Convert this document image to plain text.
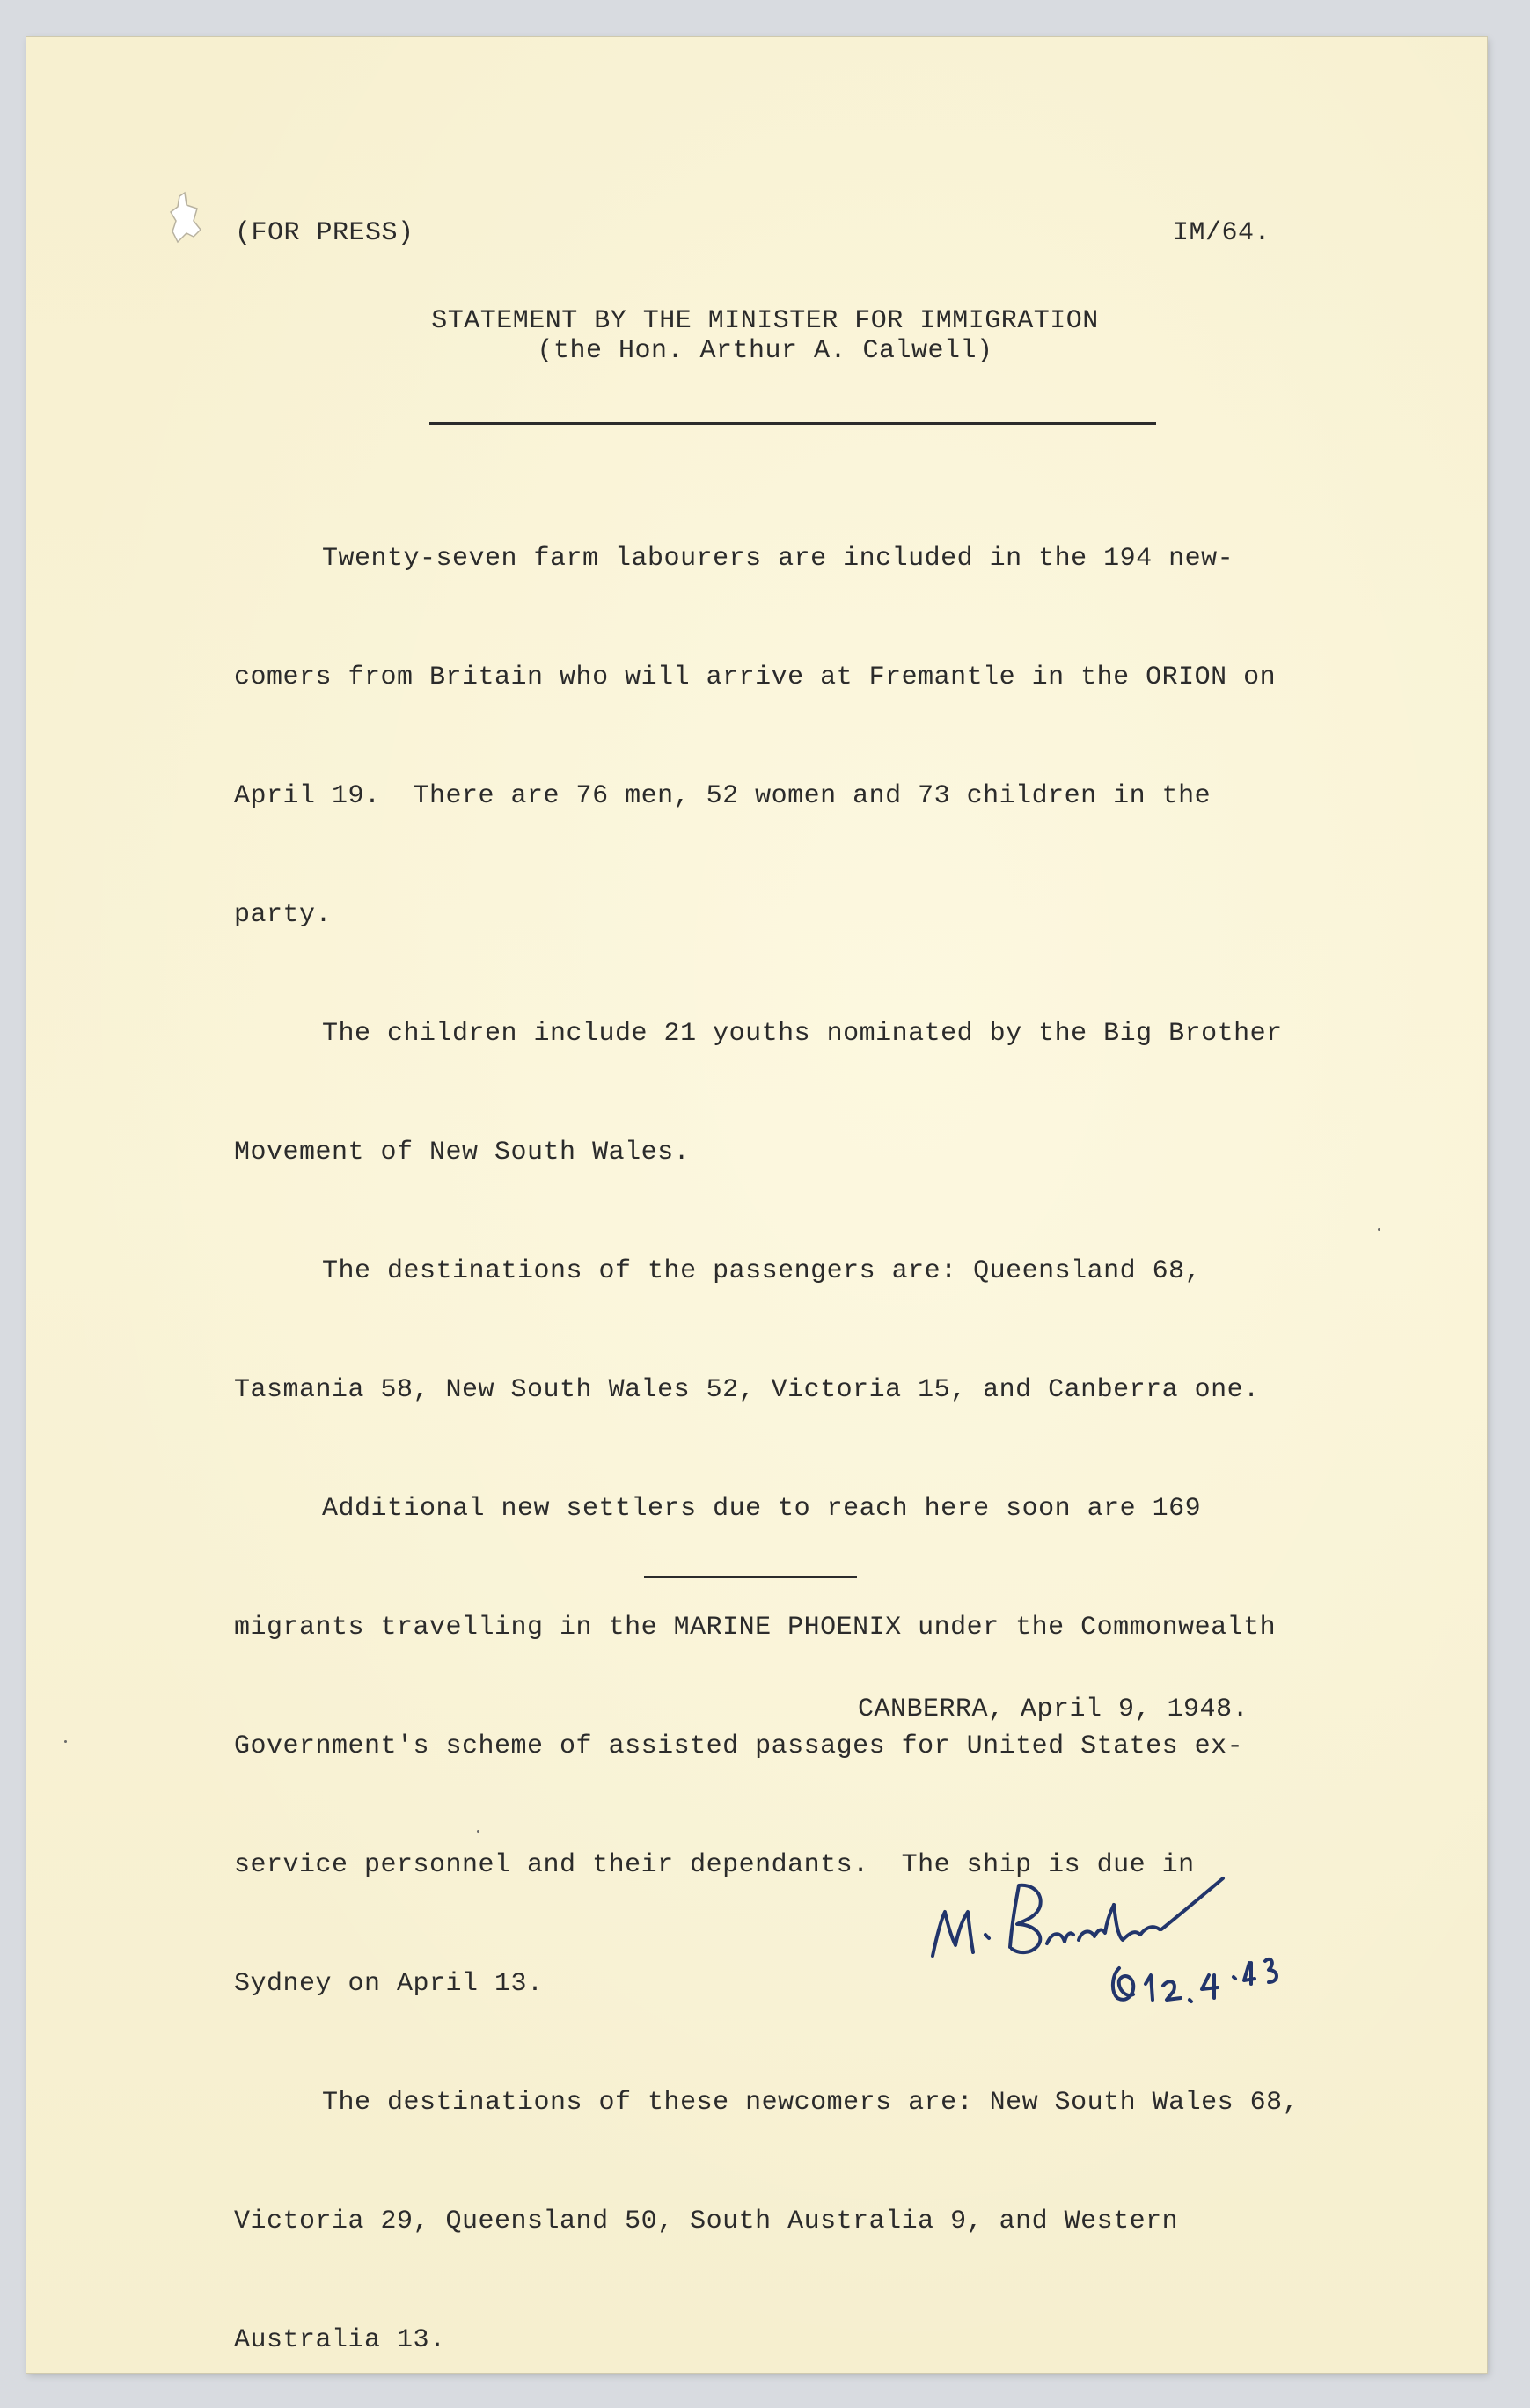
(FOR PRESS)	IM/64.
STATEMENT BY THE MINISTER FOR IMMIGRATION
(the Hon. Arthur A. Calwell)

Twenty-seven farm labourers are included in the 194 new-

comers from Britain who will arrive at Fremantle in the ORION on

April 19.  There are 76 men, 52 women and 73 children in the

party.

The children include 21 youths nominated by the Big Brother

Movement of New South Wales.

The destinations of the passengers are: Queensland 68,

Tasmania 58, New South Wales 52, Victoria 15, and Canberra one.

Additional new settlers due to reach here soon are 169

migrants travelling in the MARINE PHOENIX under the Commonwealth

Government's scheme of assisted passages for United States ex-

service personnel and their dependants.  The ship is due in

Sydney on April 13.

The destinations of these newcomers are: New South Wales 68,

Victoria 29, Queensland 50, South Australia 9, and Western

Australia 13.

CANBERRA, April 9, 1948.
